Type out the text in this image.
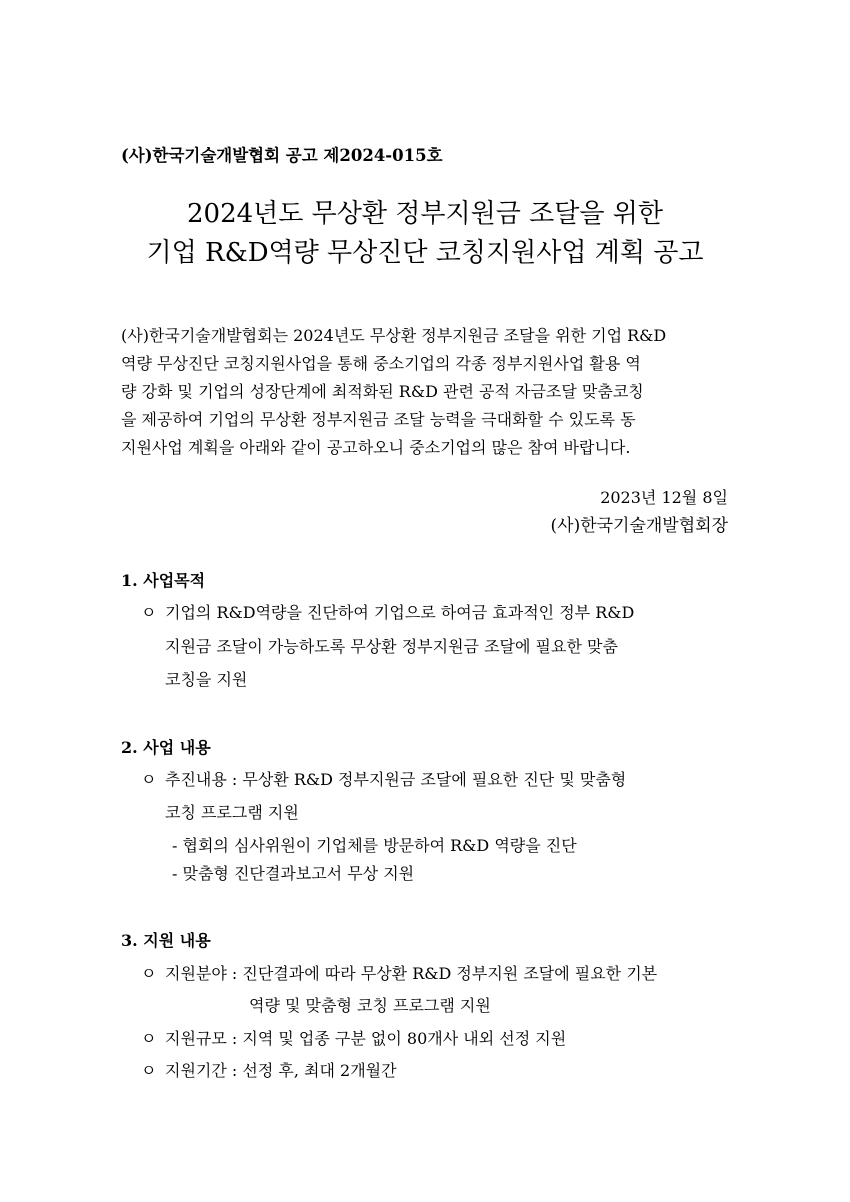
(사)한국기술개발협회 공고 제2024-015호
2024년도 무상환 정부지원금 조달을 위한
기업 R&D역량 무상진단 코칭지원사업 계획 공고

(사)한국기술개발협회는 2024년도 무상환 정부지원금 조달을 위한 기업 R&D

역량 무상진단 코칭지원사업을 통해 중소기업의 각종 정부지원사업 활용 역

량 강화 및 기업의 성장단계에 최적화된 R&D 관련 공적 자금조달 맞춤코칭

을 제공하여 기업의 무상환 정부지원금 조달 능력을 극대화할 수 있도록 동

지원사업 계획을 아래와 같이 공고하오니 중소기업의 많은 참여 바랍니다.

2023년 12월 8일
(사)한국기술개발협회장
1. 사업목적
ㅇ 기업의 R&D역량을 진단하여 기업으로 하여금 효과적인 정부 R&D
지원금 조달이 가능하도록 무상환 정부지원금 조달에 필요한 맞춤
코칭을 지원
2. 사업 내용
ㅇ 추진내용 : 무상환 R&D 정부지원금 조달에 필요한 진단 및 맞춤형
코칭 프로그램 지원
- 협회의 심사위원이 기업체를 방문하여 R&D 역량을 진단
- 맞춤형 진단결과보고서 무상 지원
3. 지원 내용
ㅇ 지원분야 : 진단결과에 따라 무상환 R&D 정부지원 조달에 필요한 기본
역량 및 맞춤형 코칭 프로그램 지원
ㅇ 지원규모 : 지역 및 업종 구분 없이 80개사 내외 선정 지원
ㅇ 지원기간 : 선정 후, 최대 2개월간
